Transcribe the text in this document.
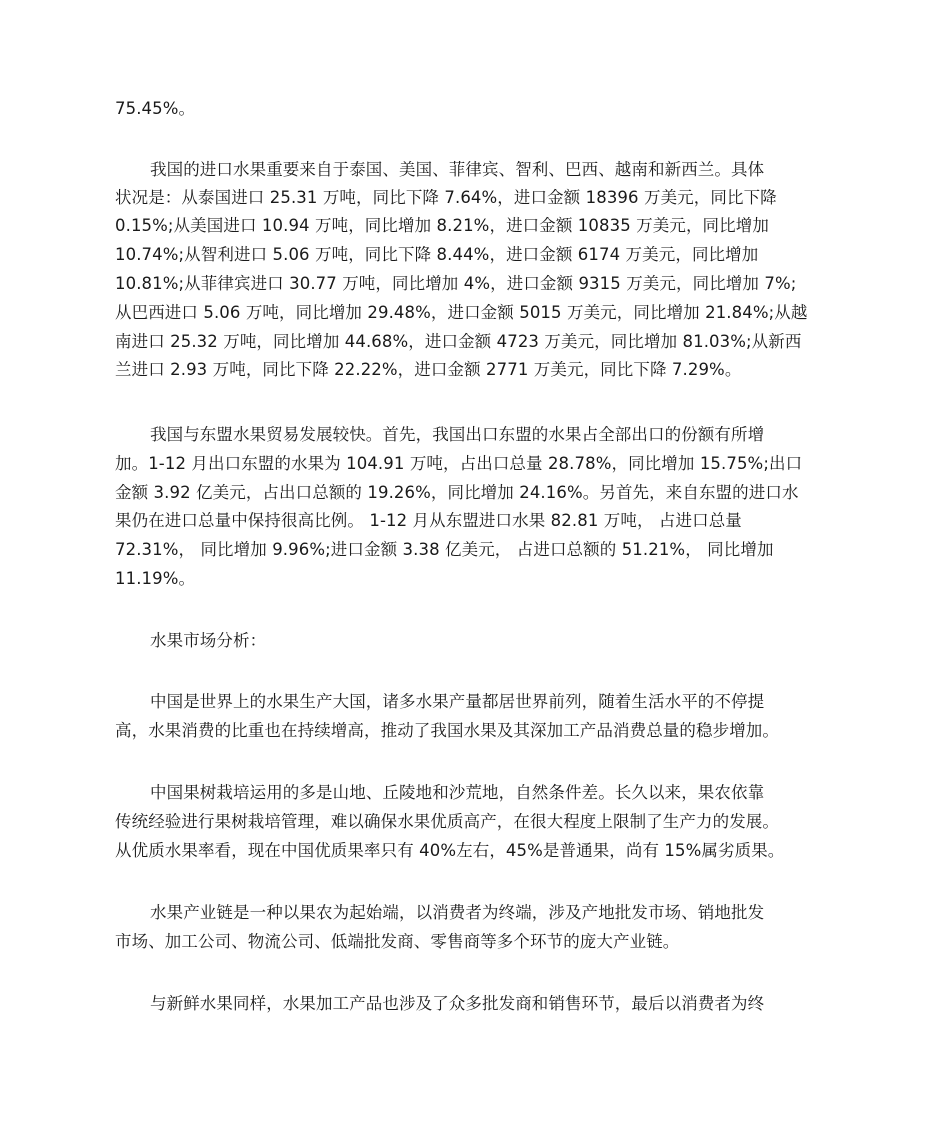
75.45%。
我国的进口水果重要来自于泰国、美国、菲律宾、智利、巴西、越南和新西兰。具体
状况是：从泰国进口 25.31 万吨，同比下降 7.64%，进口金额 18396 万美元，同比下降
0.15%;从美国进口 10.94 万吨，同比增加 8.21%，进口金额 10835 万美元，同比增加
10.74%;从智利进口 5.06 万吨，同比下降 8.44%，进口金额 6174 万美元，同比增加
10.81%;从菲律宾进口 30.77 万吨，同比增加 4%，进口金额 9315 万美元，同比增加 7%;
从巴西进口 5.06 万吨，同比增加 29.48%，进口金额 5015 万美元，同比增加 21.84%;从越
南进口 25.32 万吨，同比增加 44.68%，进口金额 4723 万美元，同比增加 81.03%;从新西
兰进口 2.93 万吨，同比下降 22.22%，进口金额 2771 万美元，同比下降 7.29%。
我国与东盟水果贸易发展较快。首先，我国出口东盟的水果占全部出口的份额有所增
加。1-12 月出口东盟的水果为 104.91 万吨，占出口总量 28.78%，同比增加 15.75%;出口
金额 3.92 亿美元，占出口总额的 19.26%，同比增加 24.16%。另首先，来自东盟的进口水
果仍在进口总量中保持很高比例。 1-12 月从东盟进口水果 82.81 万吨， 占进口总量
72.31%， 同比增加 9.96%;进口金额 3.38 亿美元， 占进口总额的 51.21%， 同比增加
11.19%。
水果市场分析：
中国是世界上的水果生产大国，诸多水果产量都居世界前列，随着生活水平的不停提
高，水果消费的比重也在持续增高，推动了我国水果及其深加工产品消费总量的稳步增加。
中国果树栽培运用的多是山地、丘陵地和沙荒地，自然条件差。长久以来，果农依靠
传统经验进行果树栽培管理，难以确保水果优质高产，在很大程度上限制了生产力的发展。
从优质水果率看，现在中国优质果率只有 40%左右，45%是普通果，尚有 15%属劣质果。
水果产业链是一种以果农为起始端，以消费者为终端，涉及产地批发市场、销地批发
市场、加工公司、物流公司、低端批发商、零售商等多个环节的庞大产业链。
与新鲜水果同样，水果加工产品也涉及了众多批发商和销售环节，最后以消费者为终
